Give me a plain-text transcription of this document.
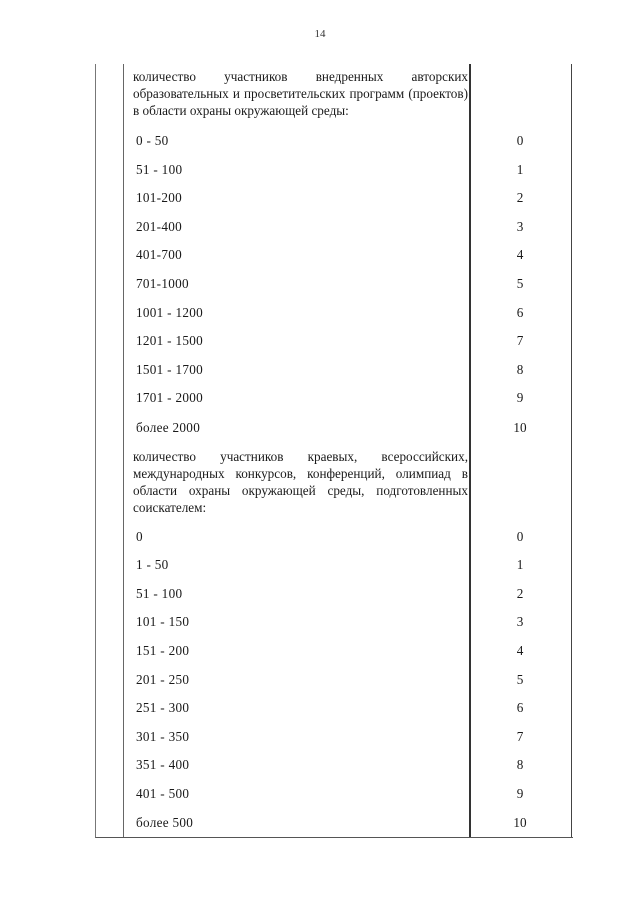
14
количество участников внедренных авторских образовательных и просветительских программ (проектов) в области охраны окружающей среды:
0 - 50	0
51 - 100	1
101-200	2
201-400	3
401-700	4
701-1000	5
1001 - 1200	6
1201 - 1500	7
1501 - 1700	8
1701 - 2000	9
более 2000	10
количество участников краевых, всероссийских, международных конкурсов, конференций, олимпиад в области охраны окружающей среды, подготовленных соискателем:
0	0
1 - 50	1
51 - 100	2
101 - 150	3
151 - 200	4
201 - 250	5
251 - 300	6
301 - 350	7
351 - 400	8
401 - 500	9
более 500	10
